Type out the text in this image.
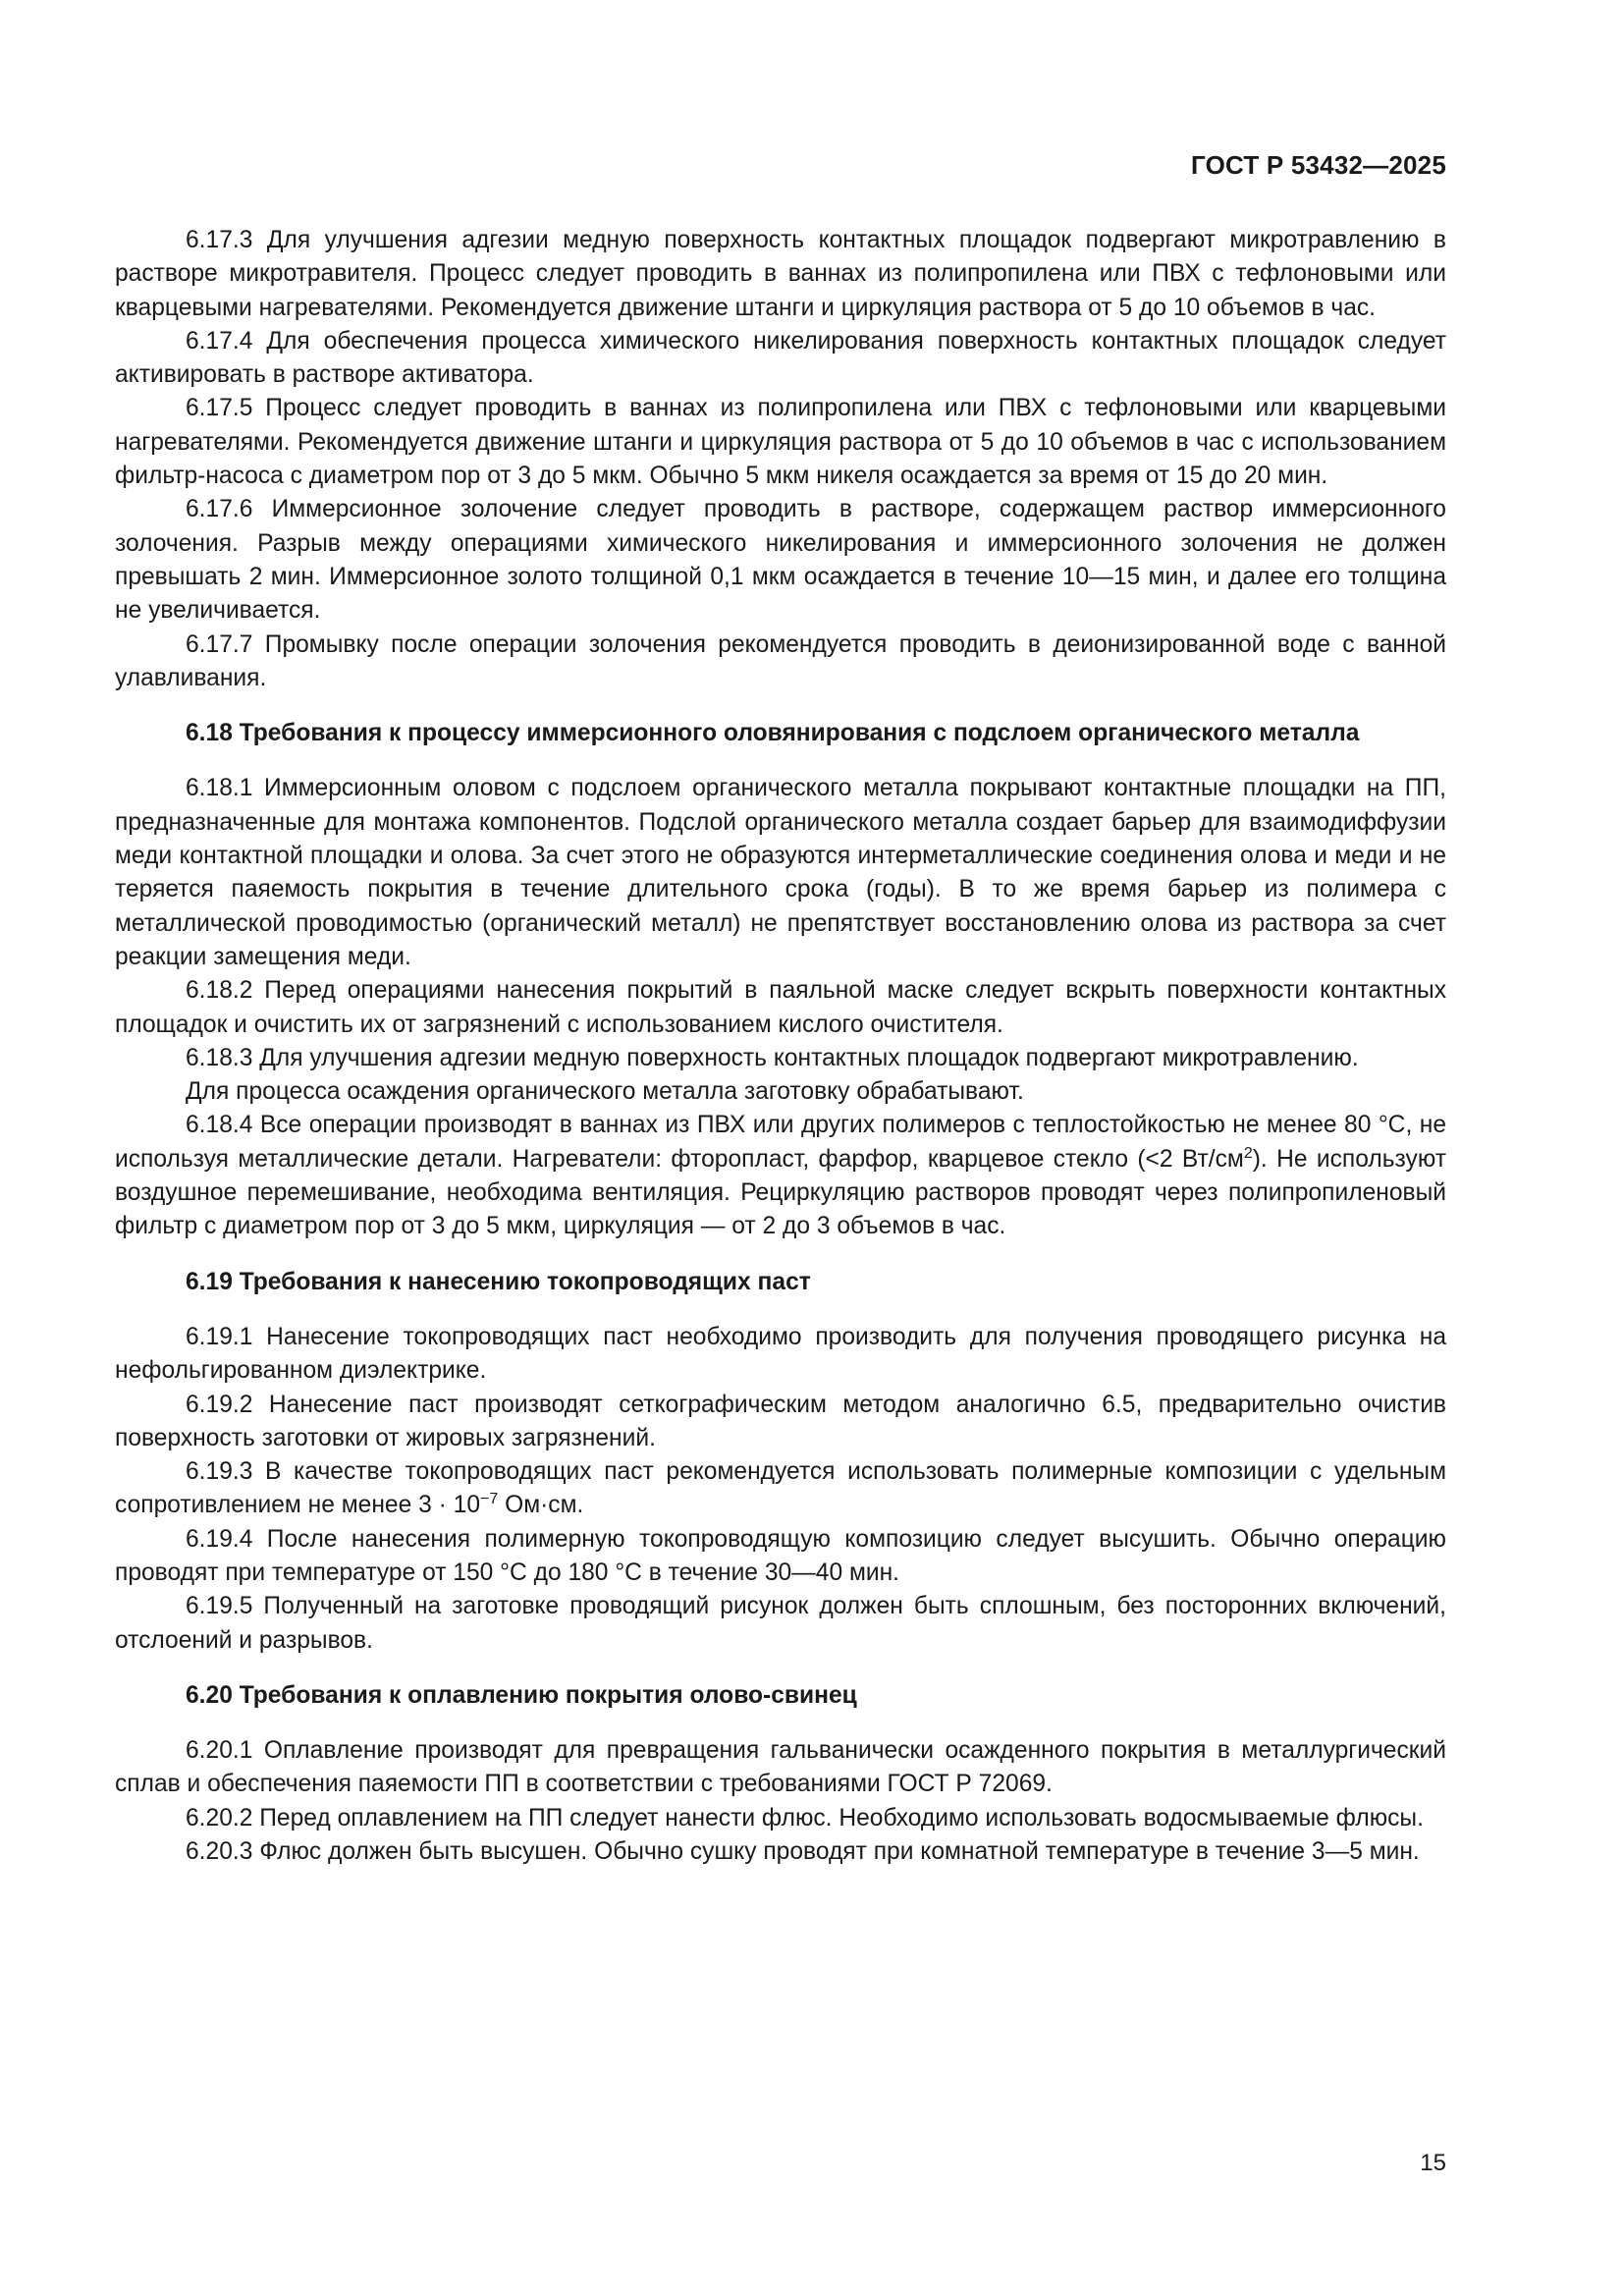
ГОСТ Р 53432—2025

6.17.3 Для улучшения адгезии медную поверхность контактных площадок подвергают микротравлению в растворе микротравителя. Процесс следует проводить в ваннах из полипропилена или ПВХ с тефлоновыми или кварцевыми нагревателями. Рекомендуется движение штанги и циркуляция раствора от 5 до 10 объемов в час.

6.17.4 Для обеспечения процесса химического никелирования поверхность контактных площадок следует активировать в растворе активатора.

6.17.5 Процесс следует проводить в ваннах из полипропилена или ПВХ с тефлоновыми или кварцевыми нагревателями. Рекомендуется движение штанги и циркуляция раствора от 5 до 10 объемов в час с использованием фильтр-насоса с диаметром пор от 3 до 5 мкм. Обычно 5 мкм никеля осаждается за время от 15 до 20 мин.

6.17.6 Иммерсионное золочение следует проводить в растворе, содержащем раствор иммерсионного золочения. Разрыв между операциями химического никелирования и иммерсионного золочения не должен превышать 2 мин. Иммерсионное золото толщиной 0,1 мкм осаждается в течение 10—15 мин, и далее его толщина не увеличивается.

6.17.7 Промывку после операции золочения рекомендуется проводить в деионизированной воде с ванной улавливания.

6.18 Требования к процессу иммерсионного оловянирования с подслоем органического металла

6.18.1 Иммерсионным оловом с подслоем органического металла покрывают контактные площадки на ПП, предназначенные для монтажа компонентов. Подслой органического металла создает барьер для взаимодиффузии меди контактной площадки и олова. За счет этого не образуются интерметаллические соединения олова и меди и не теряется паяемость покрытия в течение длительного срока (годы). В то же время барьер из полимера с металлической проводимостью (органический металл) не препятствует восстановлению олова из раствора за счет реакции замещения меди.

6.18.2 Перед операциями нанесения покрытий в паяльной маске следует вскрыть поверхности контактных площадок и очистить их от загрязнений с использованием кислого очистителя.

6.18.3 Для улучшения адгезии медную поверхность контактных площадок подвергают микротравлению.

Для процесса осаждения органического металла заготовку обрабатывают.

6.18.4 Все операции производят в ваннах из ПВХ или других полимеров с теплостойкостью не менее 80 °C, не используя металлические детали. Нагреватели: фторопласт, фарфор, кварцевое стекло (<2 $Вт/см^2$). Не используют воздушное перемешивание, необходима вентиляция. Рециркуляцию растворов проводят через полипропиленовый фильтр с диаметром пор от 3 до 5 мкм, циркуляция — от 2 до 3 объемов в час.

6.19 Требования к нанесению токопроводящих паст

6.19.1 Нанесение токопроводящих паст необходимо производить для получения проводящего рисунка на нефольгированном диэлектрике.

6.19.2 Нанесение паст производят сеткографическим методом аналогично 6.5, предварительно очистив поверхность заготовки от жировых загрязнений.

6.19.3 В качестве токопроводящих паст рекомендуется использовать полимерные композиции с удельным сопротивлением не менее $3 \cdot 10^{-7}$ Ом·см.

6.19.4 После нанесения полимерную токопроводящую композицию следует высушить. Обычно операцию проводят при температуре от 150 °C до 180 °C в течение 30—40 мин.

6.19.5 Полученный на заготовке проводящий рисунок должен быть сплошным, без посторонних включений, отслоений и разрывов.

6.20 Требования к оплавлению покрытия олово-свинец

6.20.1 Оплавление производят для превращения гальванически осажденного покрытия в металлургический сплав и обеспечения паяемости ПП в соответствии с требованиями ГОСТ Р 72069.

6.20.2 Перед оплавлением на ПП следует нанести флюс. Необходимо использовать водосмываемые флюсы.

6.20.3 Флюс должен быть высушен. Обычно сушку проводят при комнатной температуре в течение 3—5 мин.

15
